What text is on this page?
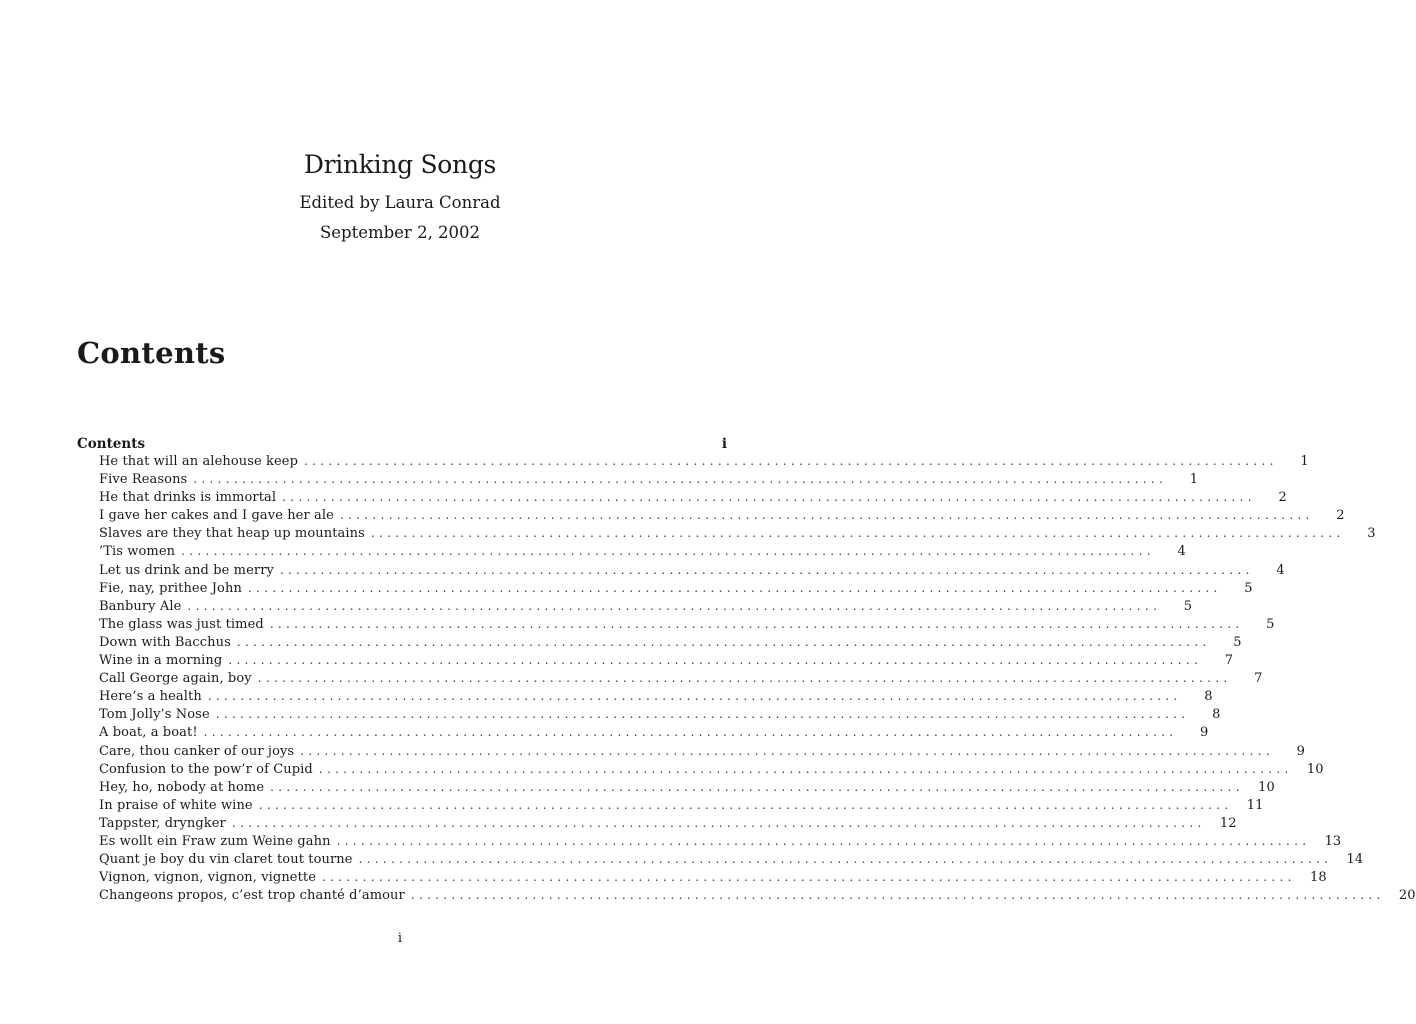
Drinking Songs
Edited by Laura Conrad
September 2, 2002
Contents
Contents	i
He that will an alehouse keep ........................................................................................................................	1
Five Reasons ........................................................................................................................	1
He that drinks is immortal ........................................................................................................................	2
I gave her cakes and I gave her ale ........................................................................................................................	2
Slaves are they that heap up mountains ........................................................................................................................	3
’Tis women ........................................................................................................................	4
Let us drink and be merry ........................................................................................................................	4
Fie, nay, prithee John ........................................................................................................................	5
Banbury Ale ........................................................................................................................	5
The glass was just timed ........................................................................................................................	5
Down with Bacchus ........................................................................................................................	5
Wine in a morning ........................................................................................................................	7
Call George again, boy ........................................................................................................................	7
Here’s a health ........................................................................................................................	8
Tom Jolly’s Nose ........................................................................................................................	8
A boat, a boat! ........................................................................................................................	9
Care, thou canker of our joys ........................................................................................................................	9
Confusion to the pow’r of Cupid ........................................................................................................................	10
Hey, ho, nobody at home ........................................................................................................................	10
In praise of white wine ........................................................................................................................	11
Tappster, dryngker ........................................................................................................................	12
Es wollt ein Fraw zum Weine gahn ........................................................................................................................	13
Quant je boy du vin claret tout tourne ........................................................................................................................	14
Vignon, vignon, vignon, vignette ........................................................................................................................	18
Changeons propos, c’est trop chanté d’amour ........................................................................................................................	20
i
